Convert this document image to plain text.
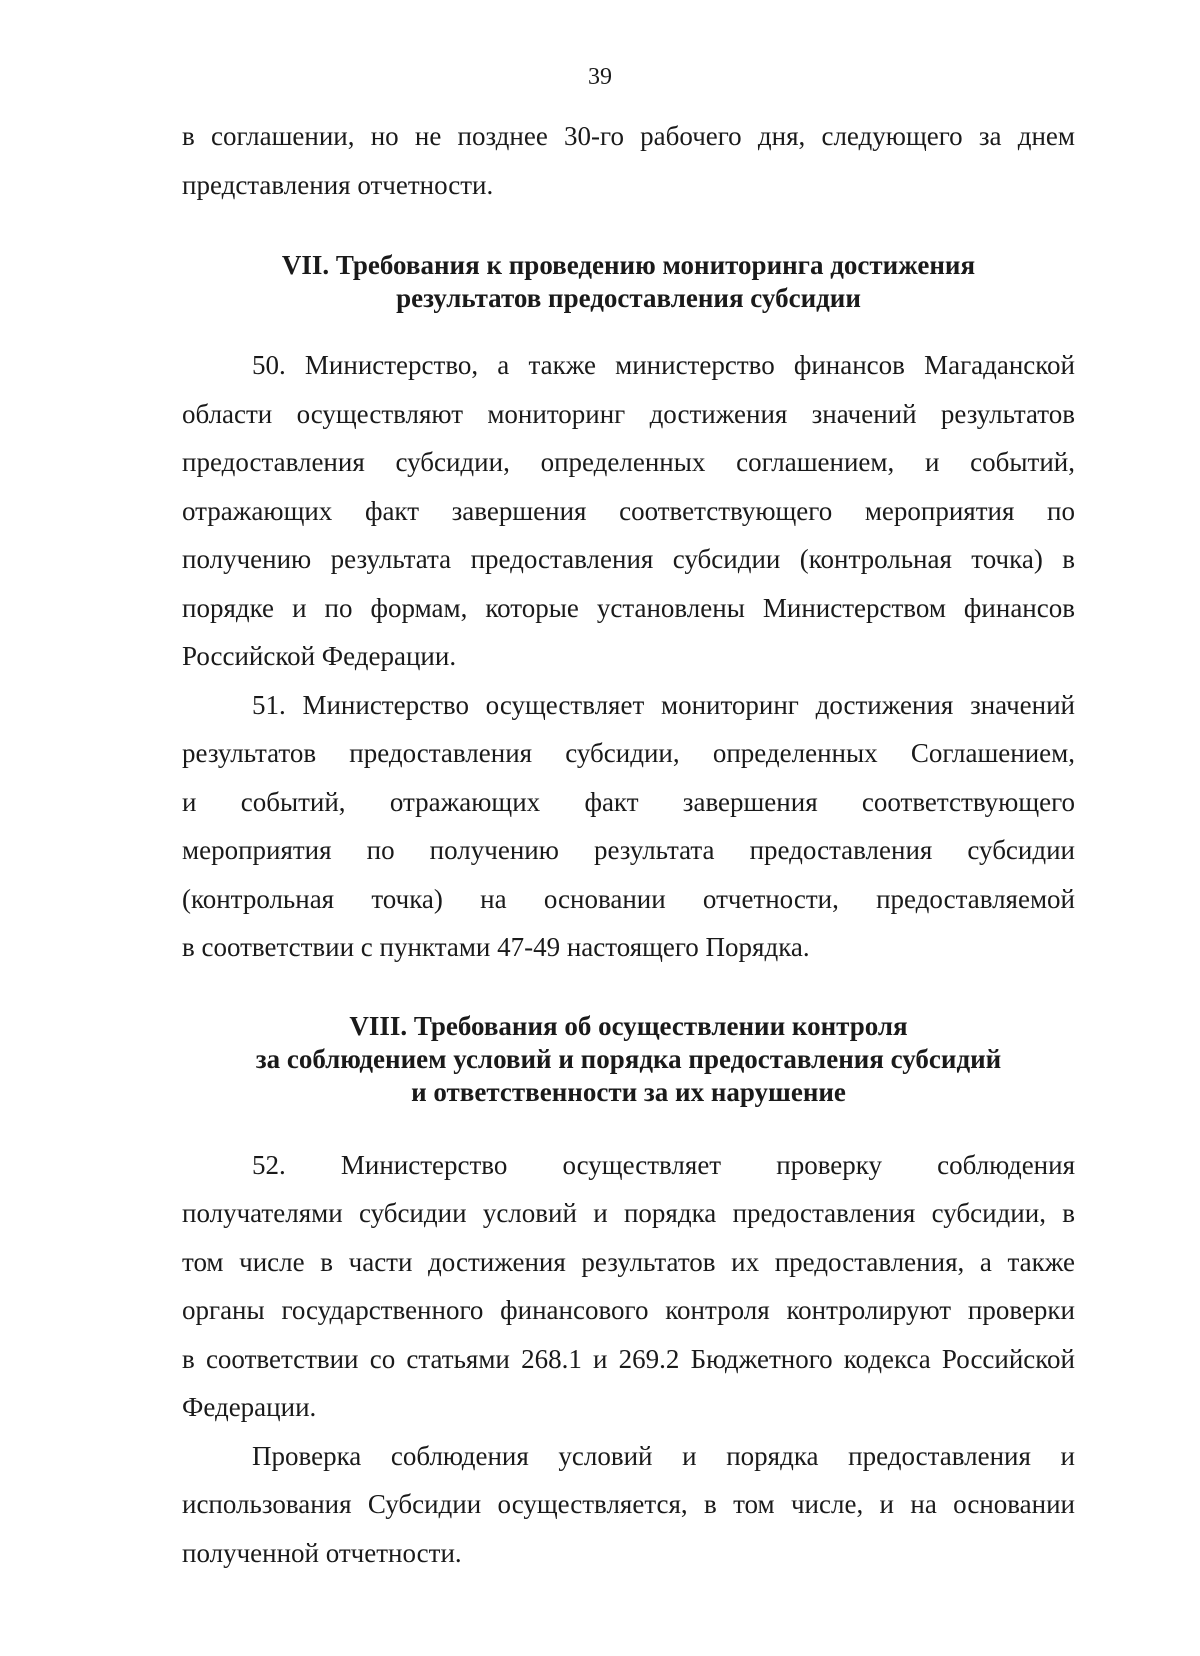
39

в соглашении, но не позднее 30-го рабочего дня, следующего за днем
представления отчетности.

VII. Требования к проведению мониторинга достижения
результатов предоставления субсидии

50. Министерство, а также министерство финансов Магаданской
области осуществляют мониторинг достижения значений результатов
предоставления субсидии, определенных соглашением, и событий,
отражающих факт завершения соответствующего мероприятия по
получению результата предоставления субсидии (контрольная точка) в
порядке и по формам, которые установлены Министерством финансов
Российской Федерации.

51. Министерство осуществляет мониторинг достижения значений
результатов предоставления субсидии, определенных Соглашением,
и событий, отражающих факт завершения соответствующего
мероприятия по получению результата предоставления субсидии
(контрольная точка) на основании отчетности, предоставляемой
в соответствии с пунктами 47-49 настоящего Порядка.

VIII. Требования об осуществлении контроля
за соблюдением условий и порядка предоставления субсидий
и ответственности за их нарушение

52. Министерство осуществляет проверку соблюдения
получателями субсидии условий и порядка предоставления субсидии, в
том числе в части достижения результатов их предоставления, а также
органы государственного финансового контроля контролируют проверки
в соответствии со статьями 268.1 и 269.2 Бюджетного кодекса Российской
Федерации.

Проверка соблюдения условий и порядка предоставления и
использования Субсидии осуществляется, в том числе, и на основании
полученной отчетности.
